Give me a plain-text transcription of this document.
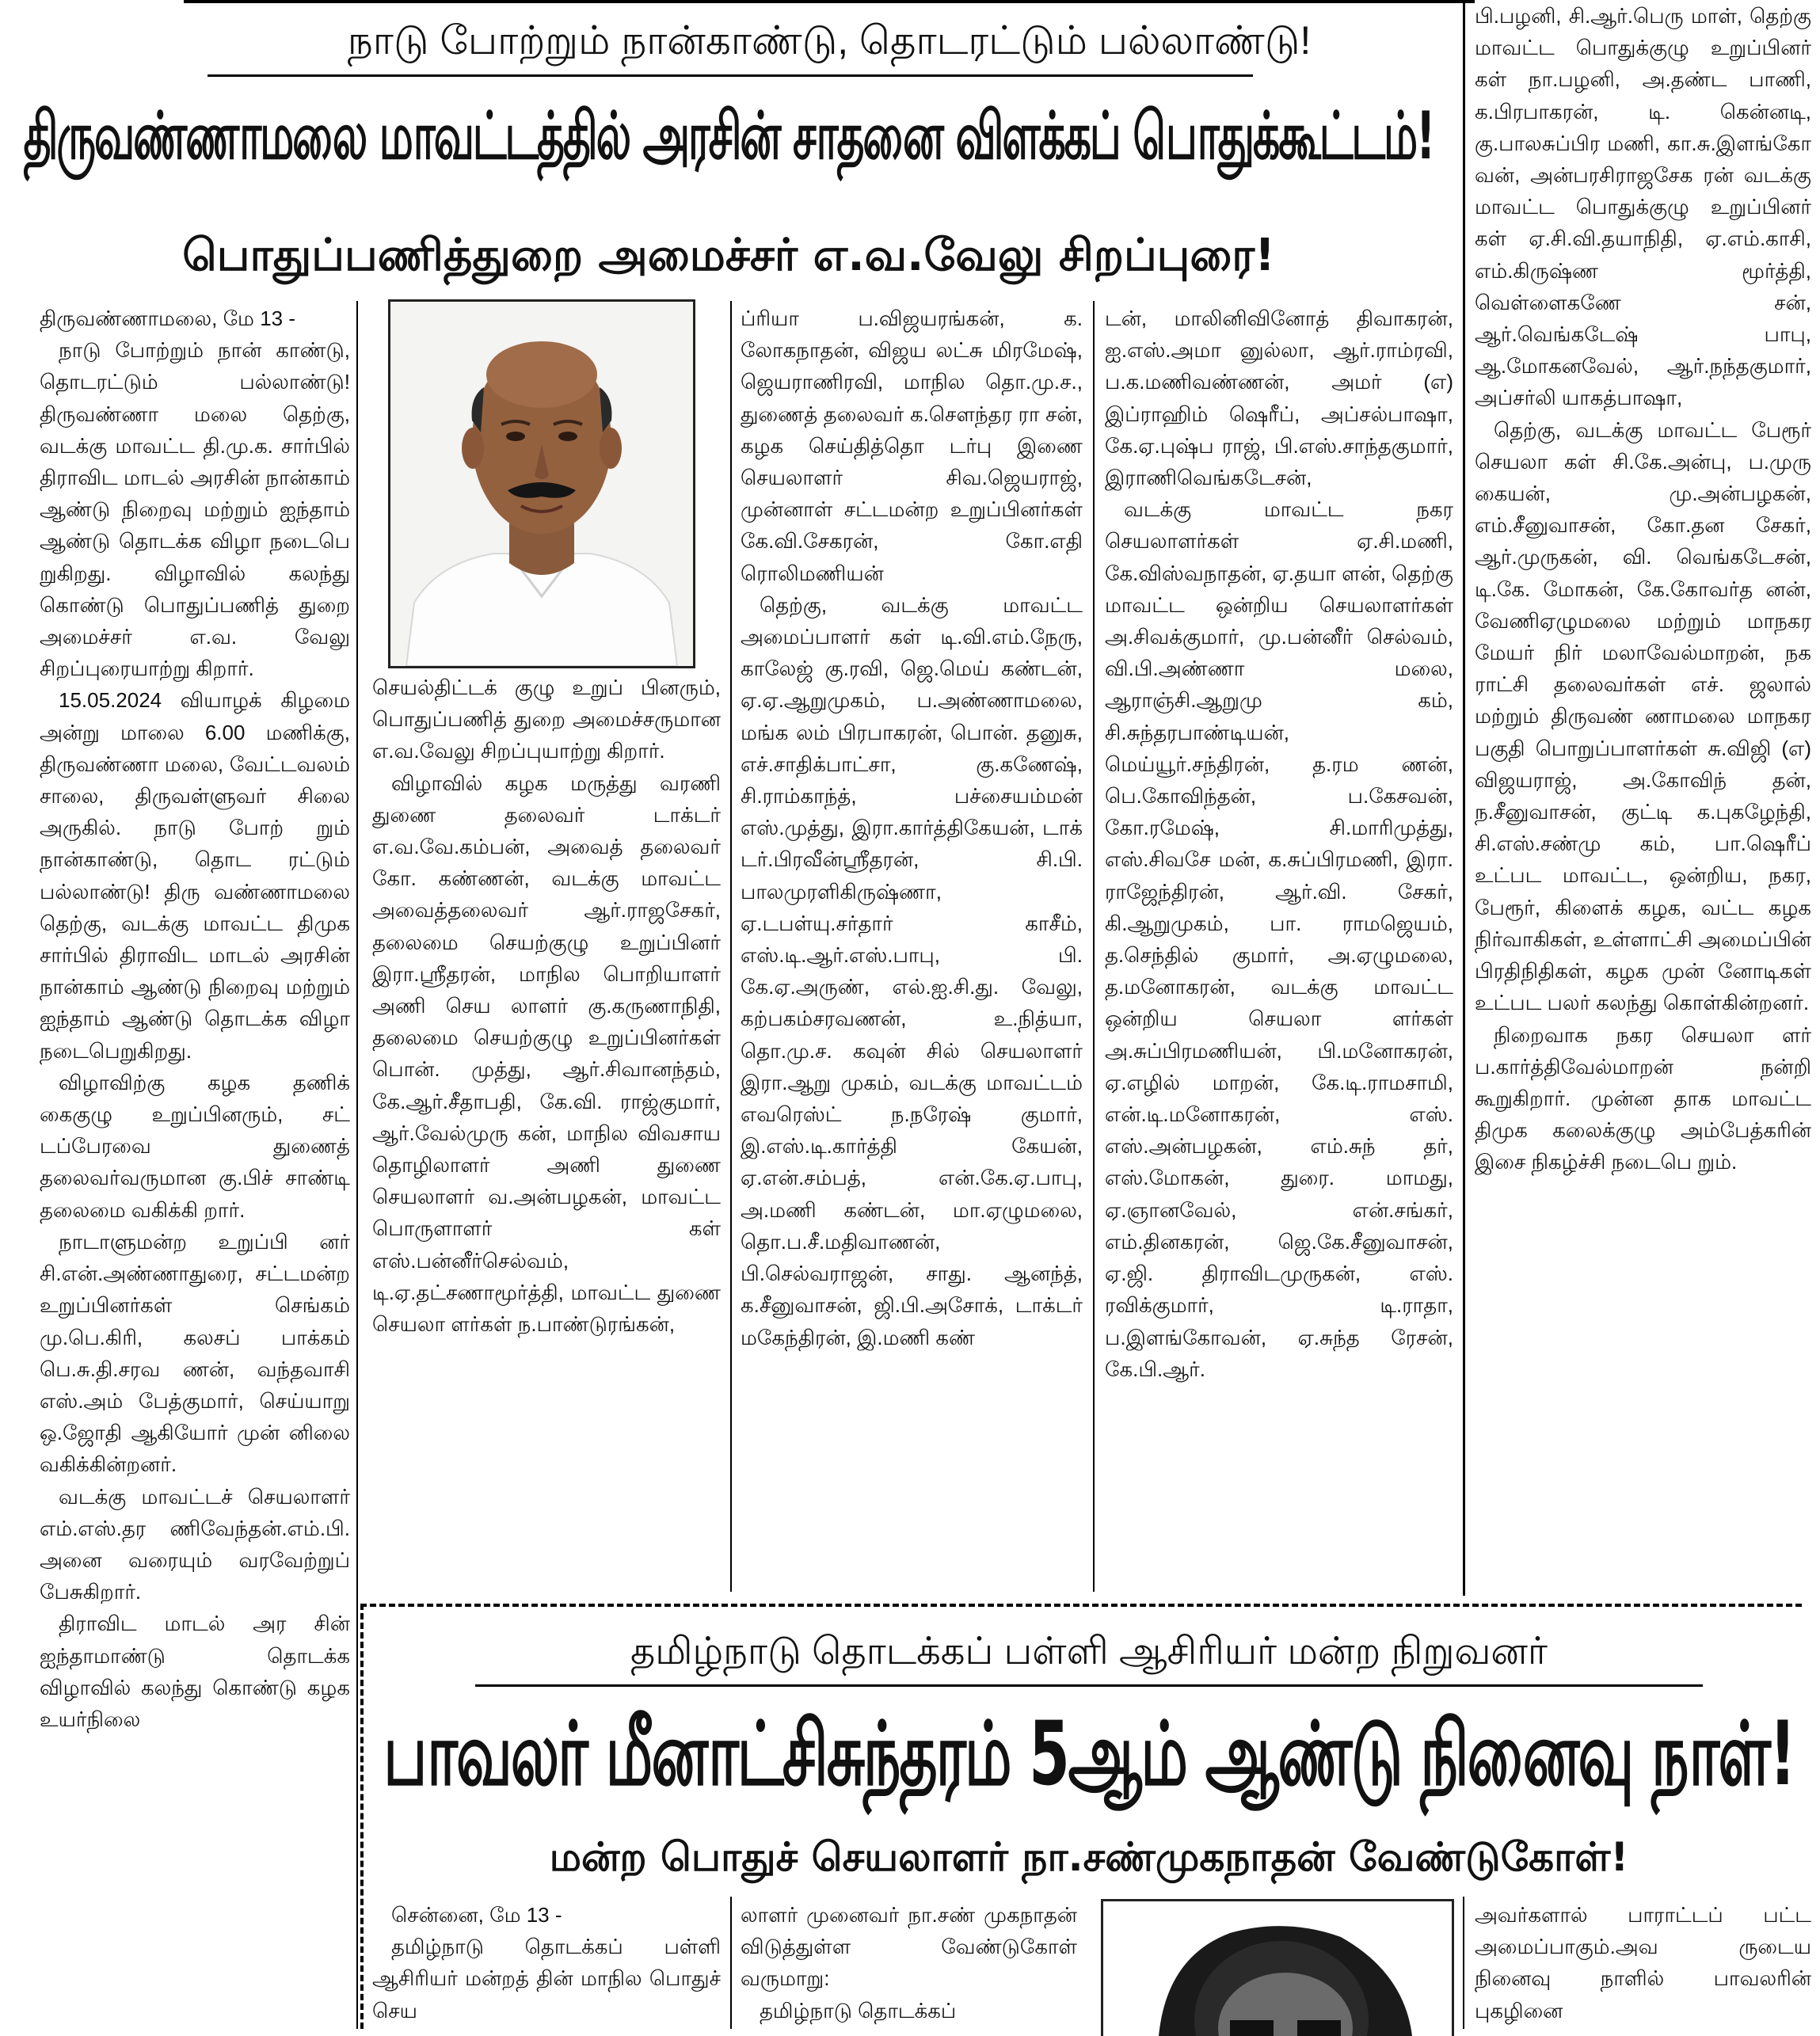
நாடு போற்றும் நான்காண்டு, தொடரட்டும் பல்லாண்டு!
திருவண்ணாமலை மாவட்டத்தில் அரசின் சாதனை விளக்கப் பொதுக்கூட்டம்!
பொதுப்பணித்துறை அமைச்சர் எ.வ.வேலு சிறப்புரை!

திருவண்ணாமலை, மே 13 -

நாடு போற்றும் நான் காண்டு, தொடரட்டும் பல்லாண்டு! திருவண்ணா மலை தெற்கு, வடக்கு மாவட்ட தி.மு.க. சார்பில் திராவிட மாடல் அரசின் நான்காம் ஆண்டு நிறைவு மற்றும் ஐந்தாம் ஆண்டு தொடக்க விழா நடைபெ றுகிறது. விழாவில் கலந்து கொண்டு பொதுப்பணித் துறை அமைச்சர் எ.வ. வேலு சிறப்புரையாற்று கிறார்.

15.05.2024 வியாழக் கிழமை அன்று மாலை 6.00 மணிக்கு, திருவண்ணா மலை, வேட்டவலம் சாலை, திருவள்ளுவர் சிலை அருகில். நாடு போற் றும் நான்காண்டு, தொட ரட்டும் பல்லாண்டு! திரு வண்ணாமலை தெற்கு, வடக்கு மாவட்ட திமுக சார்பில் திராவிட மாடல் அரசின் நான்காம் ஆண்டு நிறைவு மற்றும் ஐந்தாம் ஆண்டு தொடக்க விழா நடைபெறுகிறது.

விழாவிற்கு கழக தணிக் கைகுழு உறுப்பினரும், சட் டப்பேரவை துணைத் தலைவர்வருமான கு.பிச் சாண்டி தலைமை வகிக்கி றார்.

நாடாளுமன்ற உறுப்பி னர் சி.என்.அண்ணாதுரை, சட்டமன்ற உறுப்பினர்கள் செங்கம் மு.பெ.கிரி, கலசப் பாக்கம் பெ.சு.தி.சரவ ணன், வந்தவாசி எஸ்.அம் பேத்குமார், செய்யாறு ஒ.ஜோதி ஆகியோர் முன் னிலை வகிக்கின்றனர்.

வடக்கு மாவட்டச் செயலாளர் எம்.எஸ்.தர ணிவேந்தன்.எம்.பி. அனை வரையும் வரவேற்றுப் பேசுகிறார்.

திராவிட மாடல் அர சின் ஐந்தாமாண்டு தொடக்க விழாவில் கலந்து கொண்டு கழக உயர்நிலை

செயல்திட்டக் குழு உறுப் பினரும், பொதுப்பணித் துறை அமைச்சருமான எ.வ.வேலு சிறப்புயாற்று கிறார்.

விழாவில் கழக மருத்து வரணி துணை தலைவர் டாக்டர் எ.வ.வே.கம்பன், அவைத் தலைவர் கோ. கண்ணன், வடக்கு மாவட்ட அவைத்தலைவர் ஆர்.ராஜசேகர், தலைமை செயற்குழு உறுப்பினர் இரா.ஸ்ரீதரன், மாநில பொறியாளர் அணி செய லாளர் கு.கருணாநிதி, தலைமை செயற்குழு உறுப்பினர்கள் பொன். முத்து, ஆர்.சிவானந்தம், கே.ஆர்.சீதாபதி, கே.வி. ராஜ்குமார், ஆர்.வேல்முரு கன், மாநில விவசாய தொழிலாளர் அணி துணை செயலாளர் வ.அன்பழகன், மாவட்ட பொருளாளர் கள் எஸ்.பன்னீர்செல்வம், டி.ஏ.தட்சணாமூர்த்தி, மாவட்ட துணை செயலா ளர்கள் ந.பாண்டுரங்கன்,

ப்ரியா ப.விஜயரங்கன், க. லோகநாதன், விஜய லட்சு மிரமேஷ், ஜெயராணிரவி, மாநில தொ.மு.ச., துணைத் தலைவர் க.சௌந்தர ரா சன், கழக செய்தித்தொ டர்பு இணை செயலாளர் சிவ.ஜெயராஜ், முன்னாள் சட்டமன்ற உறுப்பினர்கள் கே.வி.சேகரன், கோ.எதி ரொலிமணியன்

தெற்கு, வடக்கு மாவட்ட அமைப்பாளர் கள் டி.வி.எம்.நேரு, காலேஜ் கு.ரவி, ஜெ.மெய் கண்டன், ஏ.ஏ.ஆறுமுகம், ப.அண்ணாமலை, மங்க லம் பிரபாகரன், பொன். தனுசு, எச்.சாதிக்பாட்சா, கு.கணேஷ், சி.ராம்காந்த், பச்சையம்மன் எஸ்.முத்து, இரா.கார்த்திகேயன், டாக் டர்.பிரவீன்ஸ்ரீதரன், சி.பி. பாலமுரளிகிருஷ்ணா, ஏ.டபள்யு.சர்தார் காசீம், எஸ்.டி.ஆர்.எஸ்.பாபு, பி. கே.ஏ.அருண், எல்.ஐ.சி.து. வேலு, கற்பகம்சரவணன், உ.நித்யா, தொ.மு.ச. கவுன் சில் செயலாளர் இரா.ஆறு முகம், வடக்கு மாவட்டம் எவரெஸ்ட் ந.நரேஷ் குமார், இ.எஸ்.டி.கார்த்தி கேயன், ஏ.என்.சம்பத், என்.கே.ஏ.பாபு, அ.மணி கண்டன், மா.ஏழுமலை, தொ.ப.சீ.மதிவாணன், பி.செல்வராஜன், சாது. ஆனந்த், க.சீனுவாசன், ஜி.பி.அசோக், டாக்டர் மகேந்திரன், இ.மணி கண்

டன், மாலினிவினோத் திவாகரன், ஐ.எஸ்.அமா னுல்லா, ஆர்.ராம்ரவி, ப.க.மணிவண்ணன், அமர் (எ) இப்ராஹிம் ஷெரீப், அப்சல்பாஷா, கே.ஏ.புஷ்ப ராஜ், பி.எஸ்.சாந்தகுமார், இராணிவெங்கடேசன்,

வடக்கு மாவட்ட நகர செயலாளர்கள் ஏ.சி.மணி, கே.விஸ்வநாதன், ஏ.தயா ளன், தெற்கு மாவட்ட ஒன்றிய செயலாளர்கள் அ.சிவக்குமார், மு.பன்னீர் செல்வம், வி.பி.அண்ணா மலை, ஆராஞ்சி.ஆறுமு கம், சி.சுந்தரபாண்டியன், மெய்யூர்.சந்திரன், த.ரம ணன், பெ.கோவிந்தன், ப.கேசவன், கோ.ரமேஷ், சி.மாரிமுத்து, எஸ்.சிவசே மன், க.சுப்பிரமணி, இரா. ராஜேந்திரன், ஆர்.வி. சேகர், கி.ஆறுமுகம், பா. ராமஜெயம், த.செந்தில் குமார், அ.ஏழுமலை, த.மனோகரன், வடக்கு மாவட்ட ஒன்றிய செயலா ளர்கள் அ.சுப்பிரமணியன், பி.மனோகரன், ஏ.எழில் மாறன், கே.டி.ராமசாமி, என்.டி.மனோகரன், எஸ். எஸ்.அன்பழகன், எம்.சுந் தர், எஸ்.மோகன், துரை. மாமது, ஏ.ஞானவேல், என்.சங்கர், எம்.தினகரன், ஜெ.கே.சீனுவாசன், ஏ.ஜி. திராவிடமுருகன், எஸ். ரவிக்குமார், டி.ராதா, ப.இளங்கோவன், ஏ.சுந்த ரேசன், கே.பி.ஆர்.

பி.பழனி, சி.ஆர்.பெரு மாள், தெற்கு மாவட்ட பொதுக்குழு உறுப்பினர் கள் நா.பழனி, அ.தண்ட பாணி, க.பிரபாகரன், டி. கென்னடி, கு.பாலசுப்பிர மணி, கா.சு.இளங்கோ வன், அன்பரசிராஜசேக ரன் வடக்கு மாவட்ட பொதுக்குழு உறுப்பினர் கள் ஏ.சி.வி.தயாநிதி, ஏ.எம்.காசி, எம்.கிருஷ்ண மூர்த்தி, வெள்ளைகணே சன், ஆர்.வெங்கடேஷ் பாபு, ஆ.மோகனவேல், ஆர்.நந்தகுமார், அப்சர்லி யாகத்பாஷா,

தெற்கு, வடக்கு மாவட்ட பேரூர் செயலா கள் சி.கே.அன்பு, ப.முரு கையன், மு.அன்பழகன், எம்.சீனுவாசன், கோ.தன சேகர், ஆர்.முருகன், வி. வெங்கடேசன், டி.கே. மோகன், கே.கோவர்த னன், வேணிஏழுமலை மற்றும் மாநகர மேயர் நிர் மலாவேல்மாறன், நக ராட்சி தலைவர்கள் எச். ஜலால் மற்றும் திருவண் ணாமலை மாநகர பகுதி பொறுப்பாளர்கள் சு.விஜி (எ) விஜயராஜ், அ.கோவிந் தன், ந.சீனுவாசன், குட்டி க.புகழேந்தி, சி.எஸ்.சண்மு கம், பா.ஷெரீப் உட்பட மாவட்ட, ஒன்றிய, நகர, பேரூர், கிளைக் கழக, வட்ட கழக நிர்வாகிகள், உள்ளாட்சி அமைப்பின் பிரதிநிதிகள், கழக முன் னோடிகள் உட்பட பலர் கலந்து கொள்கின்றனர்.

நிறைவாக நகர செயலா ளர் ப.கார்த்திவேல்மாறன் நன்றி கூறுகிறார். முன்ன தாக மாவட்ட திமுக கலைக்குழு அம்பேத்கரின் இசை நிகழ்ச்சி நடைபெ றும்.

தமிழ்நாடு தொடக்கப் பள்ளி ஆசிரியர் மன்ற நிறுவனர்
பாவலர் மீனாட்சிசுந்தரம் 5ஆம் ஆண்டு நினைவு நாள்!
மன்ற பொதுச் செயலாளர் நா.சண்முகநாதன் வேண்டுகோள்!

சென்னை, மே 13 -

தமிழ்நாடு தொடக்கப் பள்ளி ஆசிரியர் மன்றத் தின் மாநில பொதுச் செய

லாளர் முனைவர் நா.சண் முகநாதன் விடுத்துள்ள வேண்டுகோள் வருமாறு:

தமிழ்நாடு தொடக்கப்

அவர்களால் பாராட்டப் பட்ட அமைப்பாகும்.அவ ருடைய நினைவு நாளில் பாவலரின் புகழினை
